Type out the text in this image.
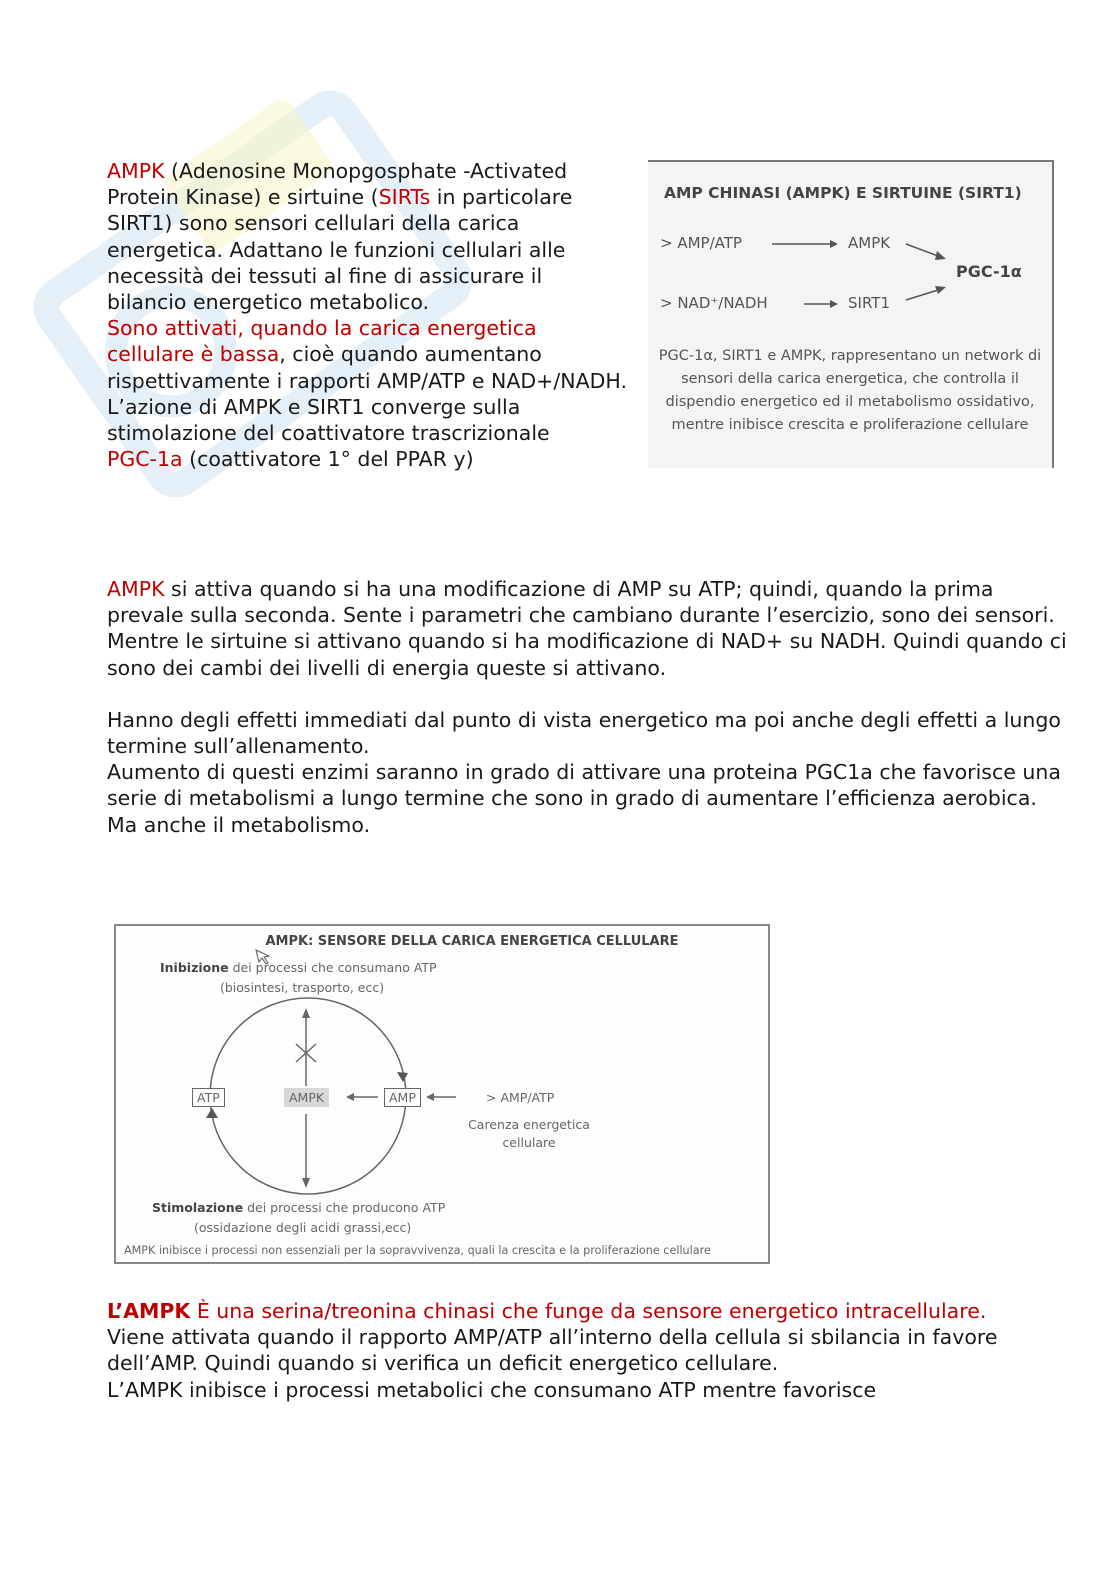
AMPK (Adenosine Monopgosphate -Activated Protein Kinase) e sirtuine (SIRTs in particolare SIRT1) sono sensori cellulari della carica energetica. Adattano le funzioni cellulari alle necessità dei tessuti al fine di assicurare il bilancio energetico metabolico.

Sono attivati, quando la carica energetica cellulare è bassa, cioè quando aumentano rispettivamente i rapporti AMP/ATP e NAD+/NADH.

L’azione di AMPK e SIRT1 converge sulla stimolazione del coattivatore trascrizionale
PGC-1a (coattivatore 1° del PPAR y)

AMP CHINASI (AMPK) E SIRTUINE (SIRT1)
> AMP/ATP	AMPK
> NAD⁺/NADH	SIRT1
PGC-1α
PGC-1α, SIRT1 e AMPK, rappresentano un network di sensori della carica energetica, che controlla il dispendio energetico ed il metabolismo ossidativo, mentre inibisce crescita e proliferazione cellulare

AMPK si attiva quando si ha una modificazione di AMP su ATP; quindi, quando la prima prevale sulla seconda. Sente i parametri che cambiano durante l’esercizio, sono dei sensori.

Mentre le sirtuine si attivano quando si ha modificazione di NAD+ su NADH. Quindi quando ci sono dei cambi dei livelli di energia queste si attivano.

Hanno degli effetti immediati dal punto di vista energetico ma poi anche degli effetti a lungo termine sull’allenamento.

Aumento di questi enzimi saranno in grado di attivare una proteina PGC1a che favorisce una serie di metabolismi a lungo termine che sono in grado di aumentare l’efficienza aerobica. Ma anche il metabolismo.

AMPK: SENSORE DELLA CARICA ENERGETICA CELLULARE
Inibizione dei processi che consumano ATP
(biosintesi, trasporto, ecc)
ATP	AMPK	AMP	> AMP/ATP
Carenza energetica cellulare
Stimolazione dei processi che producono ATP
(ossidazione degli acidi grassi,ecc)
AMPK inibisce i processi non essenziali per la sopravvivenza, quali la crescita e la proliferazione cellulare

L’AMPK È una serina/treonina chinasi che funge da sensore energetico intracellulare.

Viene attivata quando il rapporto AMP/ATP all’interno della cellula si sbilancia in favore dell’AMP. Quindi quando si verifica un deficit energetico cellulare.

L’AMPK inibisce i processi metabolici che consumano ATP mentre favorisce
